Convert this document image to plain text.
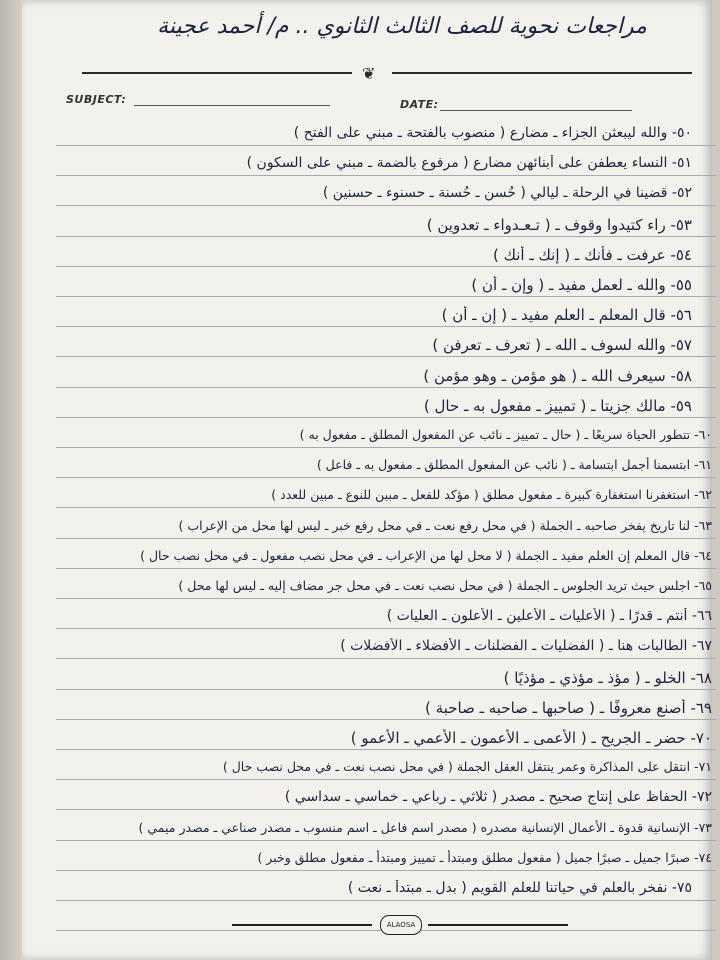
مراجعات نحوية للصف الثالث الثانوي .. م/ أحمد عجينة
❦
SUBJECT:	DATE:
٥٠- والله ليبعثن الجزاء ـ مضارع ( منصوب بالفتحة ـ مبني على الفتح )
٥١- النساء يعطفن على أبنائهن مضارع ( مرفوع بالضمة ـ مبني على السكون )
٥٢- قضينا في الرحلة ـ ليالي ( حُسن ـ حُسنة ـ حسنوء ـ حسنين )
٥٣- راء كتيدوا وقوف ـ ( تـعـدواء ـ تعدوين )
٥٤- عرفت ـ فأنك ـ ( إنك ـ أنك )
٥٥- والله ـ لعمل مفيد ـ ( وإن ـ أن )
٥٦- قال المعلم ـ العلم مفيد ـ ( إن ـ أن )
٥٧- والله لسوف ـ الله ـ ( تعرف ـ تعرفن )
٥٨- سيعرف الله ـ ( هو مؤمن ـ وهو مؤمن )
٥٩- مالك جزيتا ـ ( تمييز ـ مفعول به ـ حال )
٦٠- تتطور الحياة سريعًا ـ ( حال ـ تمييز ـ نائب عن المفعول المطلق ـ مفعول به )
٦١- ابتسمنا أجمل ابتسامة ـ ( نائب عن المفعول المطلق ـ مفعول به ـ فاعل )
٦٢- استغفرنا استغفارة كبيرة ـ مفعول مطلق ( مؤكد للفعل ـ مبين للنوع ـ مبين للعدد )
٦٣- لنا تاريخ يفخر صاحبه ـ الجملة ( في محل رفع نعت ـ في محل رفع خبر ـ ليس لها محل من الإعراب )
٦٤- قال المعلم إن العلم مفيد ـ الجملة ( لا محل لها من الإعراب ـ في محل نصب مفعول ـ في محل نصب حال )
٦٥- اجلس حيث تريد الجلوس ـ الجملة ( في محل نصب نعت ـ في محل جر مضاف إليه ـ ليس لها محل )
٦٦- أنتم ـ قدرًا ـ ( الأعليات ـ الأعلين ـ الأعلون ـ العليات )
٦٧- الطالبات هنا ـ ( الفضليات ـ الفضلنات ـ الأفضلاء ـ الأفضلات )
٦٨- الخلو ـ ( مؤذ ـ مؤذي ـ مؤذيًا )
٦٩- أصنع معروفًا ـ ( صاحبها ـ صاحبه ـ صاحبة )
٧٠- حضر ـ الجريح ـ ( الأعمى ـ الأعمون ـ الأعمي ـ الأعمو )
٧١- انتقل على المذاكرة وعمر ينتقل العقل الجملة ( في محل نصب نعت ـ في محل نصب حال )
٧٢- الحفاظ على إنتاج صحيح ـ مصدر ( ثلاثي ـ رباعي ـ خماسي ـ سداسي )
٧٣- الإنسانية قدوة ـ الأعمال الإنسانية مصدره ( مصدر اسم فاعل ـ اسم منسوب ـ مصدر صناعي ـ مصدر ميمي )
٧٤- صبرًا جميل ـ صبرًا جميل ( مفعول مطلق ومبتدأ ـ تمييز ومبتدأ ـ مفعول مطلق وخبر )
٧٥- نفخر بالعلم في حياتنا للعلم القويم ( بدل ـ مبتدأ ـ نعت )
ALAOSA
